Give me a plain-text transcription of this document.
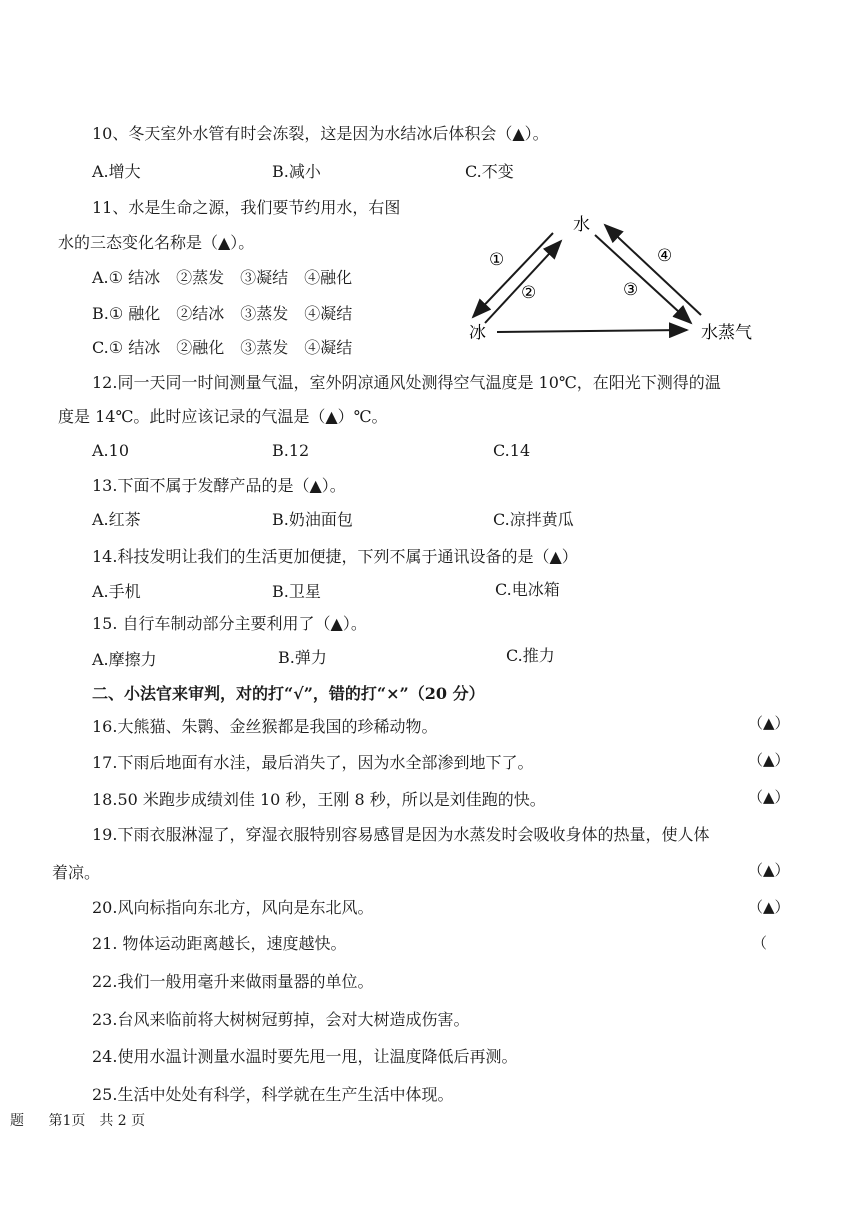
10、冬天室外水管有时会冻裂，这是因为水结冰后体积会（▲）。
A.增大	B.减小	C.不变
11、水是生命之源，我们要节约用水，右图
水的三态变化名称是（▲）。
A.① 结冰　②蒸发　③凝结　④融化
B.① 融化　②结冰　③蒸发　④凝结
C.① 结冰　②融化　③蒸发　④凝结
水
冰	水蒸气
①
②	③
④
12.同一天同一时间测量气温，室外阴凉通风处测得空气温度是 10℃，在阳光下测得的温
度是 14℃。此时应该记录的气温是（▲）℃。
A.10	B.12	C.14
13.下面不属于发酵产品的是（▲）。
A.红茶	B.奶油面包	C.凉拌黄瓜
14.科技发明让我们的生活更加便捷，下列不属于通讯设备的是（▲）
A.手机	B.卫星	C.电冰箱
15. 自行车制动部分主要利用了（▲）。
A.摩擦力	B.弹力	C.推力
二、小法官来审判，对的打“√”，错的打“×”（20 分）
16.大熊猫、朱鹮、金丝猴都是我国的珍稀动物。	（▲）
17.下雨后地面有水洼，最后消失了，因为水全部渗到地下了。	（▲）
18.50 米跑步成绩刘佳 10 秒，王刚 8 秒，所以是刘佳跑的快。	（▲）
19.下雨衣服淋湿了，穿湿衣服特别容易感冒是因为水蒸发时会吸收身体的热量，使人体
着凉。	（▲）
20.风向标指向东北方，风向是东北风。	（▲）
21. 物体运动距离越长，速度越快。	（
22.我们一般用毫升来做雨量器的单位。
23.台风来临前将大树树冠剪掉，会对大树造成伤害。
24.使用水温计测量水温时要先甩一甩，让温度降低后再测。
25.生活中处处有科学，科学就在生产生活中体现。
题 第1页　共 2 页
